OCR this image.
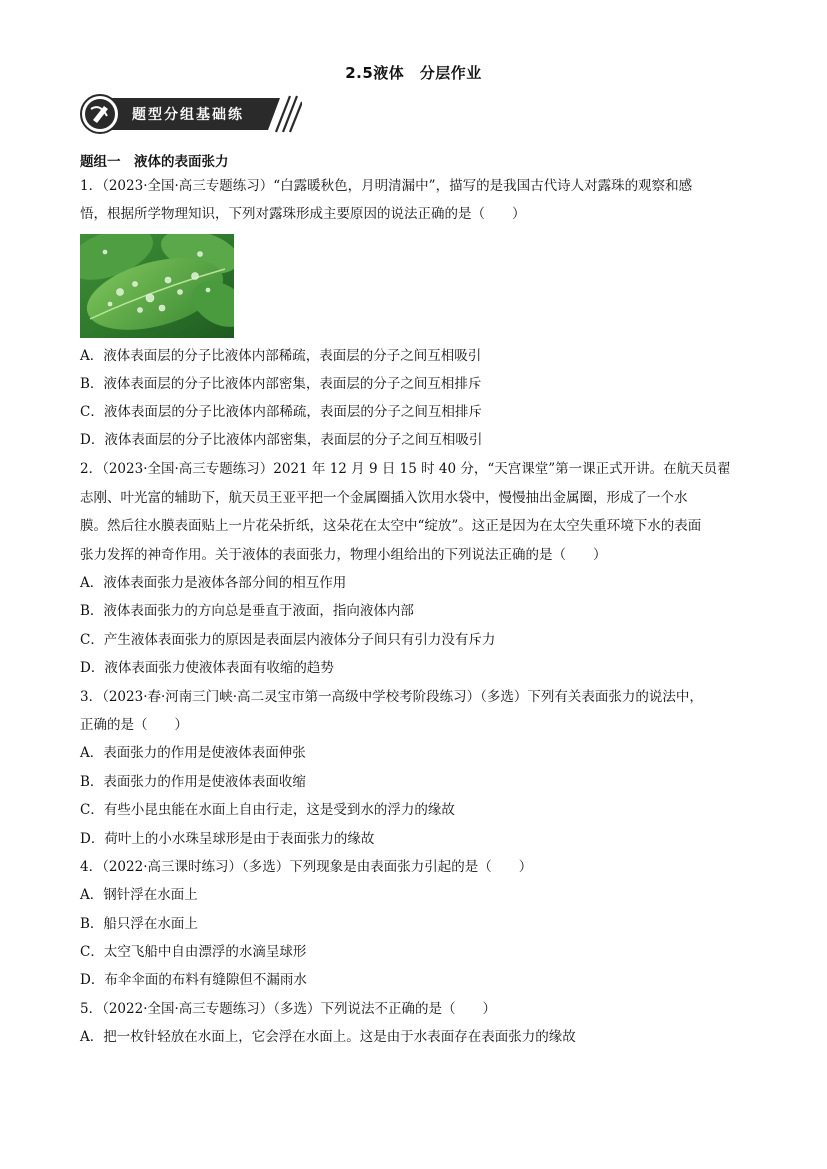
2.5液体　分层作业
题型分组基础练
题组一　液体的表面张力
1．（2023·全国·高三专题练习）“白露暖秋色，月明清漏中”，描写的是我国古代诗人对露珠的观察和感
悟，根据所学物理知识，下列对露珠形成主要原因的说法正确的是（　　）
A．液体表面层的分子比液体内部稀疏，表面层的分子之间互相吸引
B．液体表面层的分子比液体内部密集，表面层的分子之间互相排斥
C．液体表面层的分子比液体内部稀疏，表面层的分子之间互相排斥
D．液体表面层的分子比液体内部密集，表面层的分子之间互相吸引
2．（2023·全国·高三专题练习）2021 年 12 月 9 日 15 时 40 分，“天宫课堂”第一课正式开讲。在航天员翟
志刚、叶光富的辅助下，航天员王亚平把一个金属圈插入饮用水袋中，慢慢抽出金属圈，形成了一个水
膜。然后往水膜表面贴上一片花朵折纸，这朵花在太空中“绽放”。这正是因为在太空失重环境下水的表面
张力发挥的神奇作用。关于液体的表面张力，物理小组给出的下列说法正确的是（　　）
A．液体表面张力是液体各部分间的相互作用
B．液体表面张力的方向总是垂直于液面，指向液体内部
C．产生液体表面张力的原因是表面层内液体分子间只有引力没有斥力
D．液体表面张力使液体表面有收缩的趋势
3．（2023·春·河南三门峡·高二灵宝市第一高级中学校考阶段练习）（多选）下列有关表面张力的说法中，
正确的是（　　）
A．表面张力的作用是使液体表面伸张
B．表面张力的作用是使液体表面收缩
C．有些小昆虫能在水面上自由行走，这是受到水的浮力的缘故
D．荷叶上的小水珠呈球形是由于表面张力的缘故
4．（2022·高三课时练习）（多选）下列现象是由表面张力引起的是（　　）
A．钢针浮在水面上
B．船只浮在水面上
C．太空飞船中自由漂浮的水滴呈球形
D．布伞伞面的布料有缝隙但不漏雨水
5．（2022·全国·高三专题练习）（多选）下列说法不正确的是（　　）
A．把一枚针轻放在水面上，它会浮在水面上。这是由于水表面存在表面张力的缘故
